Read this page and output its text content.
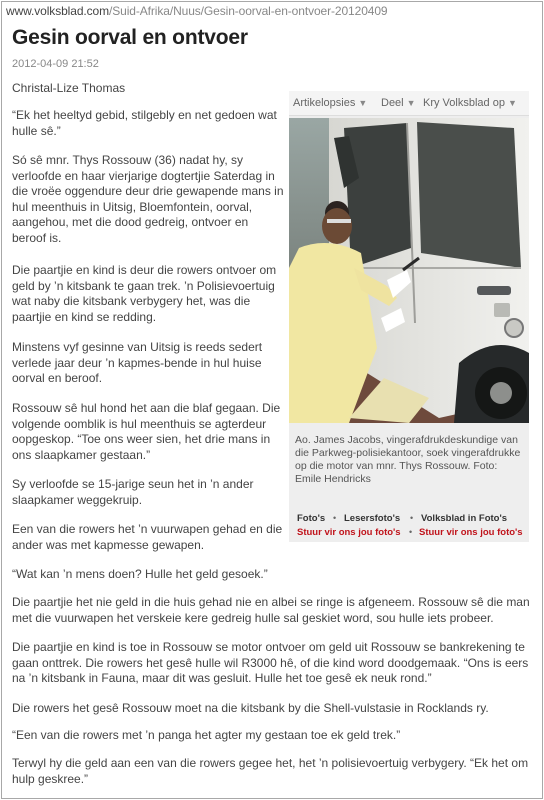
www.volksblad.com/Suid-Afrika/Nuus/Gesin-oorval-en-ontvoer-20120409
Gesin oorval en ontvoer
2012-04-09 21:52
Christal-Lize Thomas

“Ek het heeltyd gebid, stilgebly en net gedoen wat hulle sê.”

Só sê mnr. Thys Rossouw (36) nadat hy, sy verloofde en haar vierjarige dogtertjie Saterdag in die vroëe oggendure deur drie gewapende mans in hul meenthuis in Uitsig, Bloemfontein, oorval, aangehou, met die dood gedreig, ontvoer en beroof is.

Die paartjie en kind is deur die rowers ontvoer om geld by ’n kitsbank te gaan trek. ’n Polisievoertuig wat naby die kitsbank verbygery het, was die paartjie en kind se redding.

Minstens vyf gesinne van Uitsig is reeds sedert verlede jaar deur ’n kapmes-bende in hul huise oorval en beroof.

Rossouw sê hul hond het aan die blaf gegaan. Die volgende oomblik is hul meenthuis se agterdeur oopgeskop. “Toe ons weer sien, het drie mans in ons slaapkamer gestaan.”

Sy verloofde se 15-jarige seun het in ’n ander slaapkamer weggekruip.

Een van die rowers het ’n vuurwapen gehad en die ander was met kapmesse gewapen.

“Wat kan ’n mens doen? Hulle het geld gesoek.”

Die paartjie het nie geld in die huis gehad nie en albei se ringe is afgeneem. Rossouw sê die man met die vuurwapen het verskeie kere gedreig hulle sal geskiet word, sou hulle iets probeer.

Die paartjie en kind is toe in Rossouw se motor ontvoer om geld uit Rossouw se bankrekening te gaan onttrek. Die rowers het gesê hulle wil R3000 hê, of die kind word doodgemaak. “Ons is eers na ’n kitsbank in Fauna, maar dit was gesluit. Hulle het toe gesê ek neuk rond.”

Die rowers het gesê Rossouw moet na die kitsbank by die Shell-vulstasie in Rocklands ry.

“Een van die rowers met ’n panga het agter my gestaan toe ek geld trek.”

Terwyl hy die geld aan een van die rowers gegee het, het ’n polisievoertuig verbygery. “Ek het om hulp geskree.”

Artikelopsies ▼ Deel ▼ Kry Volksblad op ▼

Ao. James Jacobs, vingerafdrukdeskundige van die Parkweg-polisiekantoor, soek vingerafdrukke op die motor van mnr. Thys Rossouw. Foto: Emile Hendricks

Foto's • Lesersfoto's • Volksblad in Foto's
Stuur vir ons jou foto's • Stuur vir ons jou foto's
